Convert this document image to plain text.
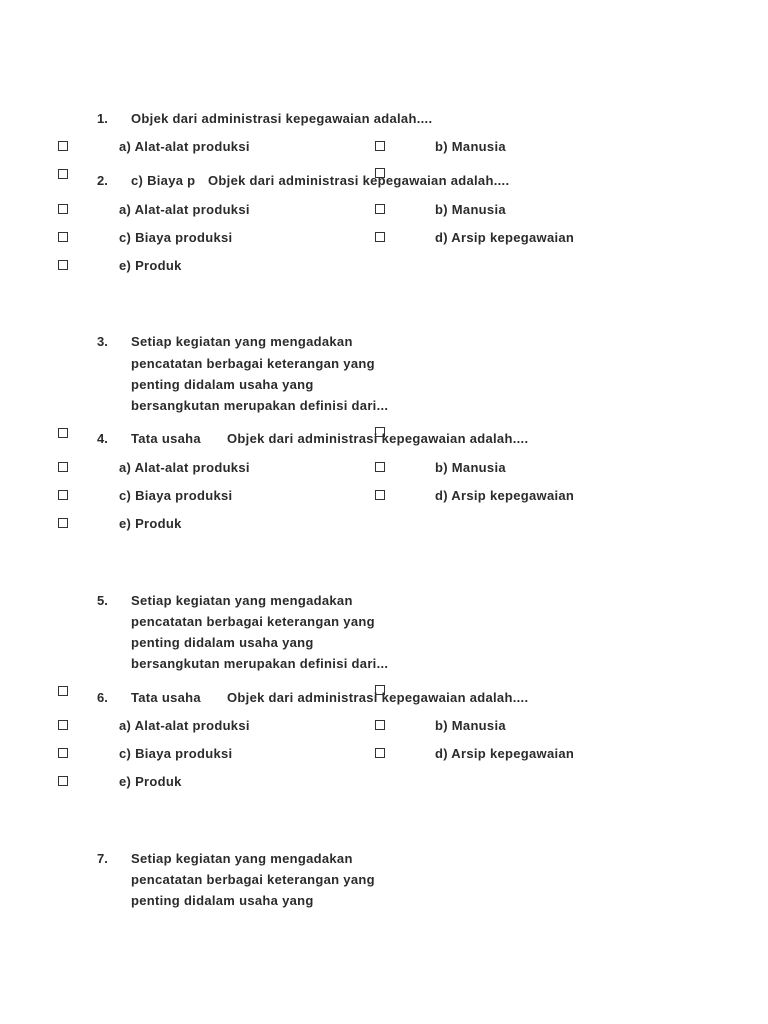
1. Objek dari administrasi kepegawaian adalah....
a) Alat-alat produksi	b) Manusia
2. c) Biaya p Objek dari administrasi kepegawaian adalah....
a) Alat-alat produksi	b) Manusia
c) Biaya produksi	d) Arsip kepegawaian
e) Produk
3. Setiap kegiatan yang mengadakan
pencatatan berbagai keterangan yang
penting didalam usaha yang
bersangkutan merupakan definisi dari...
4. Tata usaha Objek dari administrasi kepegawaian adalah....
a) Alat-alat produksi	b) Manusia
c) Biaya produksi	d) Arsip kepegawaian
e) Produk
5. Setiap kegiatan yang mengadakan
pencatatan berbagai keterangan yang
penting didalam usaha yang
bersangkutan merupakan definisi dari...
6. Tata usaha Objek dari administrasi kepegawaian adalah....
a) Alat-alat produksi	b) Manusia
c) Biaya produksi	d) Arsip kepegawaian
e) Produk
7. Setiap kegiatan yang mengadakan
pencatatan berbagai keterangan yang
penting didalam usaha yang
